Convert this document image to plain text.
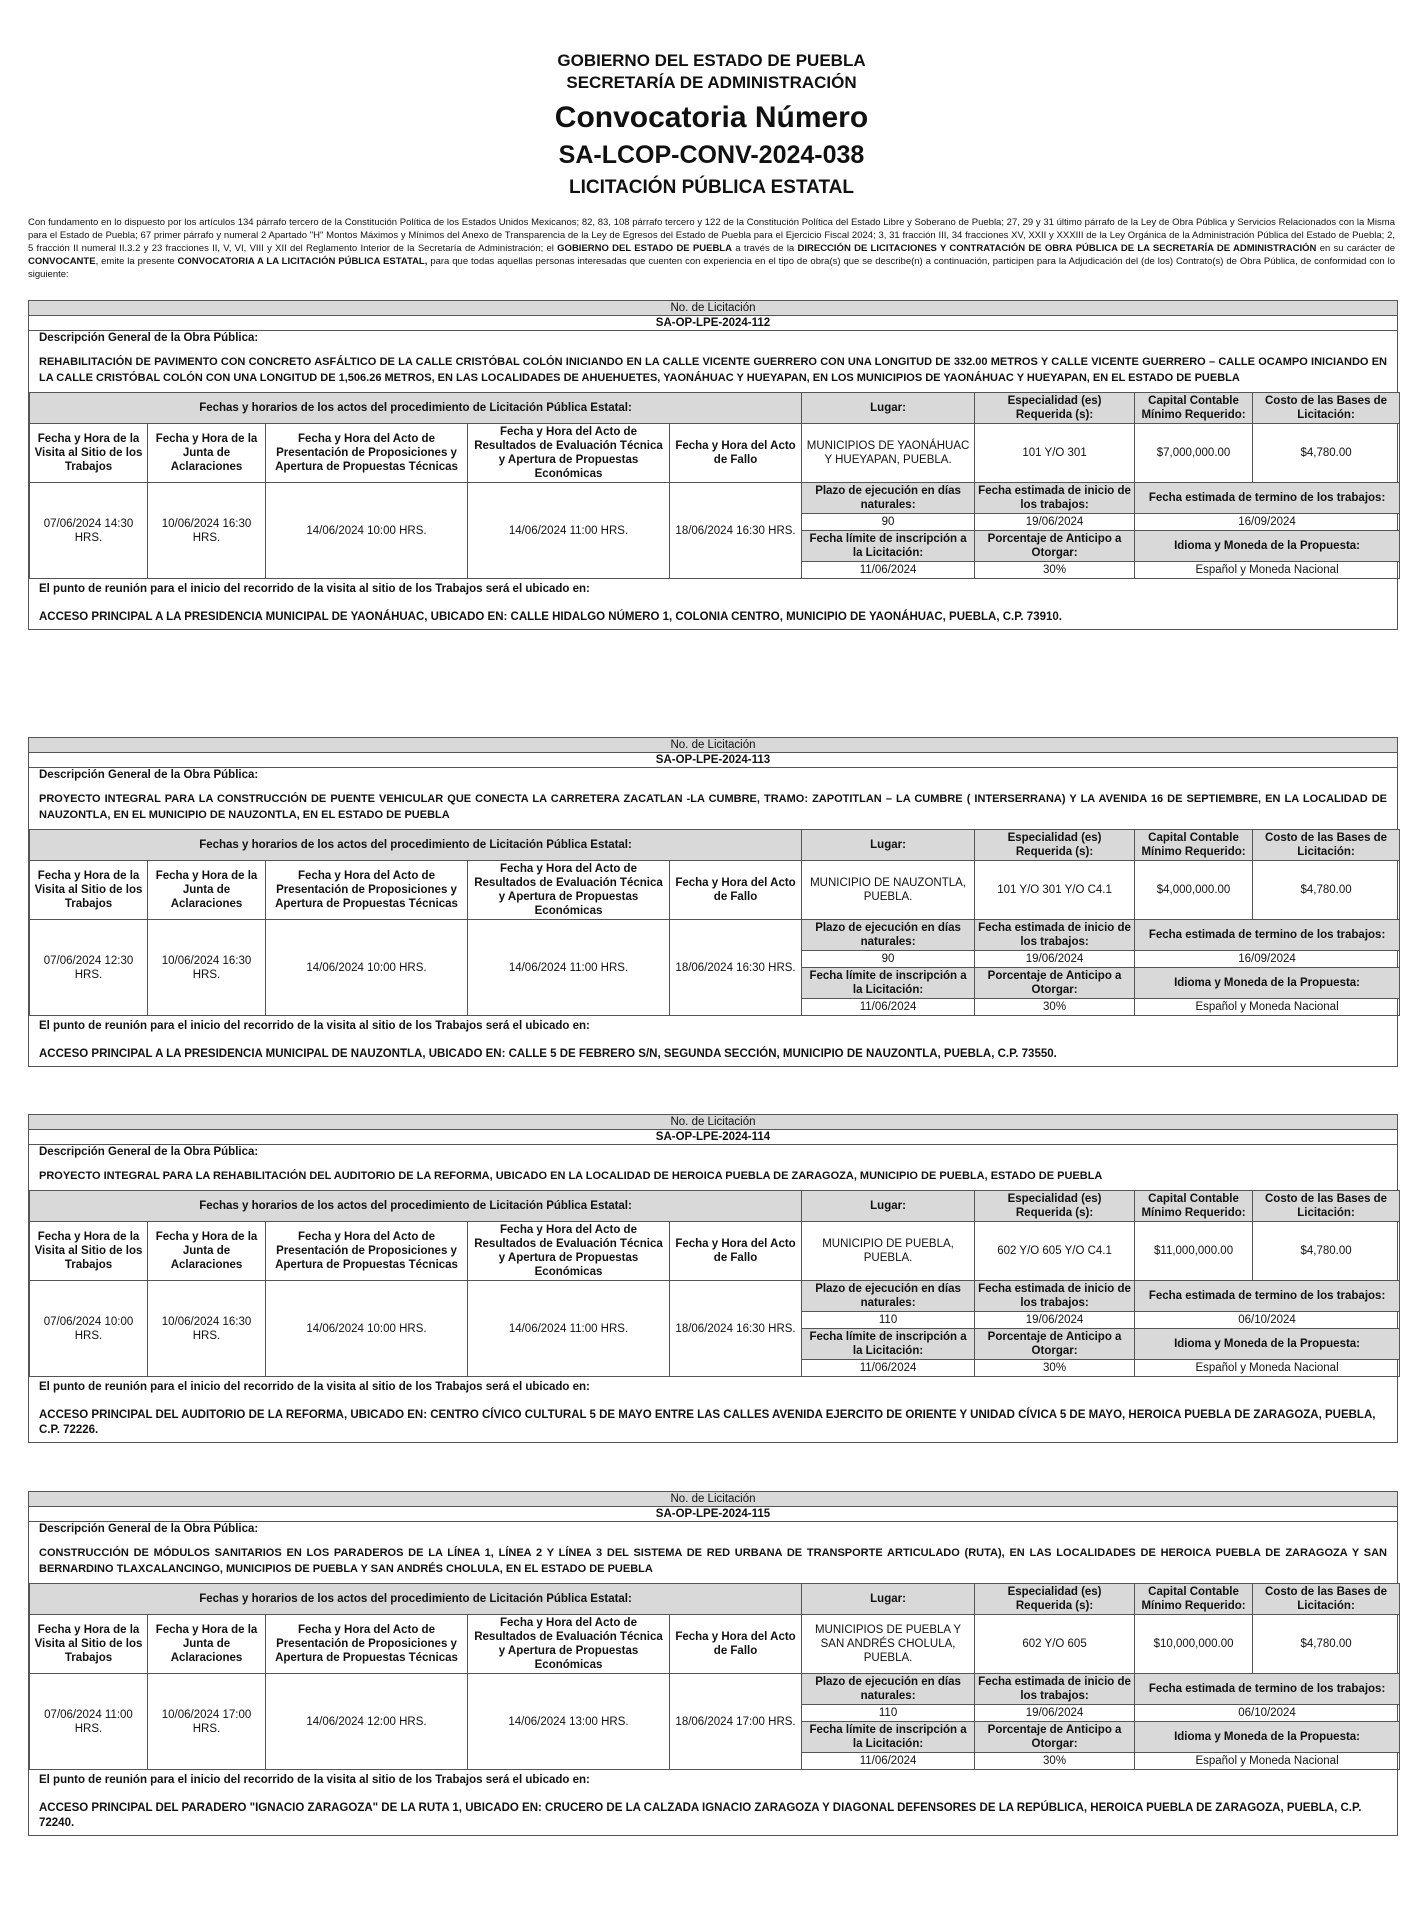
GOBIERNO DEL ESTADO DE PUEBLA
SECRETARÍA DE ADMINISTRACIÓN
Convocatoria Número
SA-LCOP-CONV-2024-038
LICITACIÓN PÚBLICA ESTATAL
Con fundamento en lo dispuesto por los artículos 134 párrafo tercero de la Constitución Política de los Estados Unidos Mexicanos; 82, 83, 108 párrafo tercero y 122 de la Constitución Política del Estado Libre y Soberano de Puebla; 27, 29 y 31 último párrafo de la Ley de Obra Pública y Servicios Relacionados con la Misma para el Estado de Puebla; 67 primer párrafo y numeral 2 Apartado "H" Montos Máximos y Mínimos del Anexo de Transparencia de la Ley de Egresos del Estado de Puebla para el Ejercicio Fiscal 2024; 3, 31 fracción III, 34 fracciones XV, XXII y XXXIII de la Ley Orgánica de la Administración Pública del Estado de Puebla; 2, 5 fracción II numeral II.3.2 y 23 fracciones II, V, VI, VIII y XII del Reglamento Interior de la Secretaría de Administración; el GOBIERNO DEL ESTADO DE PUEBLA a través de la DIRECCIÓN DE LICITACIONES Y CONTRATACIÓN DE OBRA PÚBLICA DE LA SECRETARÍA DE ADMINISTRACIÓN en su carácter de CONVOCANTE, emite la presente CONVOCATORIA A LA LICITACIÓN PÚBLICA ESTATAL, para que todas aquellas personas interesadas que cuenten con experiencia en el tipo de obra(s) que se describe(n) a continuación, participen para la Adjudicación del (de los) Contrato(s) de Obra Pública, de conformidad con lo siguiente:
No. de Licitación
SA-OP-LPE-2024-112
Descripción General de la Obra Pública:
REHABILITACIÓN DE PAVIMENTO CON CONCRETO ASFÁLTICO DE LA CALLE CRISTÓBAL COLÓN INICIANDO EN LA CALLE VICENTE GUERRERO CON UNA LONGITUD DE 332.00 METROS Y CALLE VICENTE GUERRERO – CALLE OCAMPO INICIANDO EN LA CALLE CRISTÓBAL COLÓN CON UNA LONGITUD DE 1,506.26 METROS, EN LAS LOCALIDADES DE AHUEHUETES, YAONÁHUAC Y HUEYAPAN, EN LOS MUNICIPIOS DE YAONÁHUAC Y HUEYAPAN, EN EL ESTADO DE PUEBLA
Fechas y horarios de los actos del procedimiento de Licitación Pública Estatal:					Lugar:	Especialidad (es) Requerida (s):	Capital Contable Mínimo Requerido:	Costo de las Bases de Licitación:
Fecha y Hora de la Visita al Sitio de los Trabajos	Fecha y Hora de la Junta de Aclaraciones	Fecha y Hora del Acto de Presentación de Proposiciones y Apertura de Propuestas Técnicas	Fecha y Hora del Acto de Resultados de Evaluación Técnica y Apertura de Propuestas Económicas	Fecha y Hora del Acto de Fallo	MUNICIPIOS DE YAONÁHUAC Y HUEYAPAN, PUEBLA.	101 Y/O 301	$7,000,000.00	$4,780.00
07/06/2024 14:30 HRS.	10/06/2024 16:30 HRS.	14/06/2024 10:00 HRS.	14/06/2024 11:00 HRS.	18/06/2024 16:30 HRS.	Plazo de ejecución en días naturales:	Fecha estimada de inicio de los trabajos:	Fecha estimada de termino de los trabajos:	
					90	19/06/2024	16/09/2024	
					Fecha límite de inscripción a la Licitación:	Porcentaje de Anticipo a Otorgar:	Idioma y Moneda de la Propuesta:	
					11/06/2024	30%	Español y Moneda Nacional	
El punto de reunión para el inicio del recorrido de la visita al sitio de los Trabajos será el ubicado en:
ACCESO PRINCIPAL A LA PRESIDENCIA MUNICIPAL DE YAONÁHUAC, UBICADO EN: CALLE HIDALGO NÚMERO 1, COLONIA CENTRO, MUNICIPIO DE YAONÁHUAC, PUEBLA, C.P. 73910.
No. de Licitación
SA-OP-LPE-2024-113
Descripción General de la Obra Pública:
PROYECTO INTEGRAL PARA LA CONSTRUCCIÓN DE PUENTE VEHICULAR QUE CONECTA LA CARRETERA ZACATLAN -LA CUMBRE, TRAMO: ZAPOTITLAN – LA CUMBRE ( INTERSERRANA) Y LA AVENIDA 16 DE SEPTIEMBRE, EN LA LOCALIDAD DE NAUZONTLA, EN EL MUNICIPIO DE NAUZONTLA, EN EL ESTADO DE PUEBLA
Fechas y horarios de los actos del procedimiento de Licitación Pública Estatal:					Lugar:	Especialidad (es) Requerida (s):	Capital Contable Mínimo Requerido:	Costo de las Bases de Licitación:
Fecha y Hora de la Visita al Sitio de los Trabajos	Fecha y Hora de la Junta de Aclaraciones	Fecha y Hora del Acto de Presentación de Proposiciones y Apertura de Propuestas Técnicas	Fecha y Hora del Acto de Resultados de Evaluación Técnica y Apertura de Propuestas Económicas	Fecha y Hora del Acto de Fallo	MUNICIPIO DE NAUZONTLA, PUEBLA.	101 Y/O 301 Y/O C4.1	$4,000,000.00	$4,780.00
07/06/2024 12:30 HRS.	10/06/2024 16:30 HRS.	14/06/2024 10:00 HRS.	14/06/2024 11:00 HRS.	18/06/2024 16:30 HRS.	Plazo de ejecución en días naturales:	Fecha estimada de inicio de los trabajos:	Fecha estimada de termino de los trabajos:	
					90	19/06/2024	16/09/2024	
					Fecha límite de inscripción a la Licitación:	Porcentaje de Anticipo a Otorgar:	Idioma y Moneda de la Propuesta:	
					11/06/2024	30%	Español y Moneda Nacional	
El punto de reunión para el inicio del recorrido de la visita al sitio de los Trabajos será el ubicado en:
ACCESO PRINCIPAL A LA PRESIDENCIA MUNICIPAL DE NAUZONTLA, UBICADO EN: CALLE 5 DE FEBRERO S/N, SEGUNDA SECCIÓN, MUNICIPIO DE NAUZONTLA, PUEBLA, C.P. 73550.
No. de Licitación
SA-OP-LPE-2024-114
Descripción General de la Obra Pública:
PROYECTO INTEGRAL PARA LA REHABILITACIÓN DEL AUDITORIO DE LA REFORMA, UBICADO EN LA LOCALIDAD DE HEROICA PUEBLA DE ZARAGOZA, MUNICIPIO DE PUEBLA, ESTADO DE PUEBLA
Fechas y horarios de los actos del procedimiento de Licitación Pública Estatal:					Lugar:	Especialidad (es) Requerida (s):	Capital Contable Mínimo Requerido:	Costo de las Bases de Licitación:
Fecha y Hora de la Visita al Sitio de los Trabajos	Fecha y Hora de la Junta de Aclaraciones	Fecha y Hora del Acto de Presentación de Proposiciones y Apertura de Propuestas Técnicas	Fecha y Hora del Acto de Resultados de Evaluación Técnica y Apertura de Propuestas Económicas	Fecha y Hora del Acto de Fallo	MUNICIPIO DE PUEBLA, PUEBLA.	602 Y/O 605 Y/O C4.1	$11,000,000.00	$4,780.00
07/06/2024 10:00 HRS.	10/06/2024 16:30 HRS.	14/06/2024 10:00 HRS.	14/06/2024 11:00 HRS.	18/06/2024 16:30 HRS.	Plazo de ejecución en días naturales:	Fecha estimada de inicio de los trabajos:	Fecha estimada de termino de los trabajos:	
					110	19/06/2024	06/10/2024	
					Fecha límite de inscripción a la Licitación:	Porcentaje de Anticipo a Otorgar:	Idioma y Moneda de la Propuesta:	
					11/06/2024	30%	Español y Moneda Nacional	
El punto de reunión para el inicio del recorrido de la visita al sitio de los Trabajos será el ubicado en:
ACCESO PRINCIPAL DEL AUDITORIO DE LA REFORMA, UBICADO EN: CENTRO CÍVICO CULTURAL 5 DE MAYO ENTRE LAS CALLES AVENIDA EJERCITO DE ORIENTE Y UNIDAD CÍVICA 5 DE MAYO, HEROICA PUEBLA DE ZARAGOZA, PUEBLA, C.P. 72226.
No. de Licitación
SA-OP-LPE-2024-115
Descripción General de la Obra Pública:
CONSTRUCCIÓN DE MÓDULOS SANITARIOS EN LOS PARADEROS DE LA LÍNEA 1, LÍNEA 2 Y LÍNEA 3 DEL SISTEMA DE RED URBANA DE TRANSPORTE ARTICULADO (RUTA), EN LAS LOCALIDADES DE HEROICA PUEBLA DE ZARAGOZA Y SAN BERNARDINO TLAXCALANCINGO, MUNICIPIOS DE PUEBLA Y SAN ANDRÉS CHOLULA, EN EL ESTADO DE PUEBLA
Fechas y horarios de los actos del procedimiento de Licitación Pública Estatal:					Lugar:	Especialidad (es) Requerida (s):	Capital Contable Mínimo Requerido:	Costo de las Bases de Licitación:
Fecha y Hora de la Visita al Sitio de los Trabajos	Fecha y Hora de la Junta de Aclaraciones	Fecha y Hora del Acto de Presentación de Proposiciones y Apertura de Propuestas Técnicas	Fecha y Hora del Acto de Resultados de Evaluación Técnica y Apertura de Propuestas Económicas	Fecha y Hora del Acto de Fallo	MUNICIPIOS DE PUEBLA Y SAN ANDRÉS CHOLULA, PUEBLA.	602 Y/O 605	$10,000,000.00	$4,780.00
07/06/2024 11:00 HRS.	10/06/2024 17:00 HRS.	14/06/2024 12:00 HRS.	14/06/2024 13:00 HRS.	18/06/2024 17:00 HRS.	Plazo de ejecución en días naturales:	Fecha estimada de inicio de los trabajos:	Fecha estimada de termino de los trabajos:	
					110	19/06/2024	06/10/2024	
					Fecha límite de inscripción a la Licitación:	Porcentaje de Anticipo a Otorgar:	Idioma y Moneda de la Propuesta:	
					11/06/2024	30%	Español y Moneda Nacional	
El punto de reunión para el inicio del recorrido de la visita al sitio de los Trabajos será el ubicado en:
ACCESO PRINCIPAL DEL PARADERO "IGNACIO ZARAGOZA" DE LA RUTA 1, UBICADO EN: CRUCERO DE LA CALZADA IGNACIO ZARAGOZA Y DIAGONAL DEFENSORES DE LA REPÚBLICA, HEROICA PUEBLA DE ZARAGOZA, PUEBLA, C.P. 72240.
